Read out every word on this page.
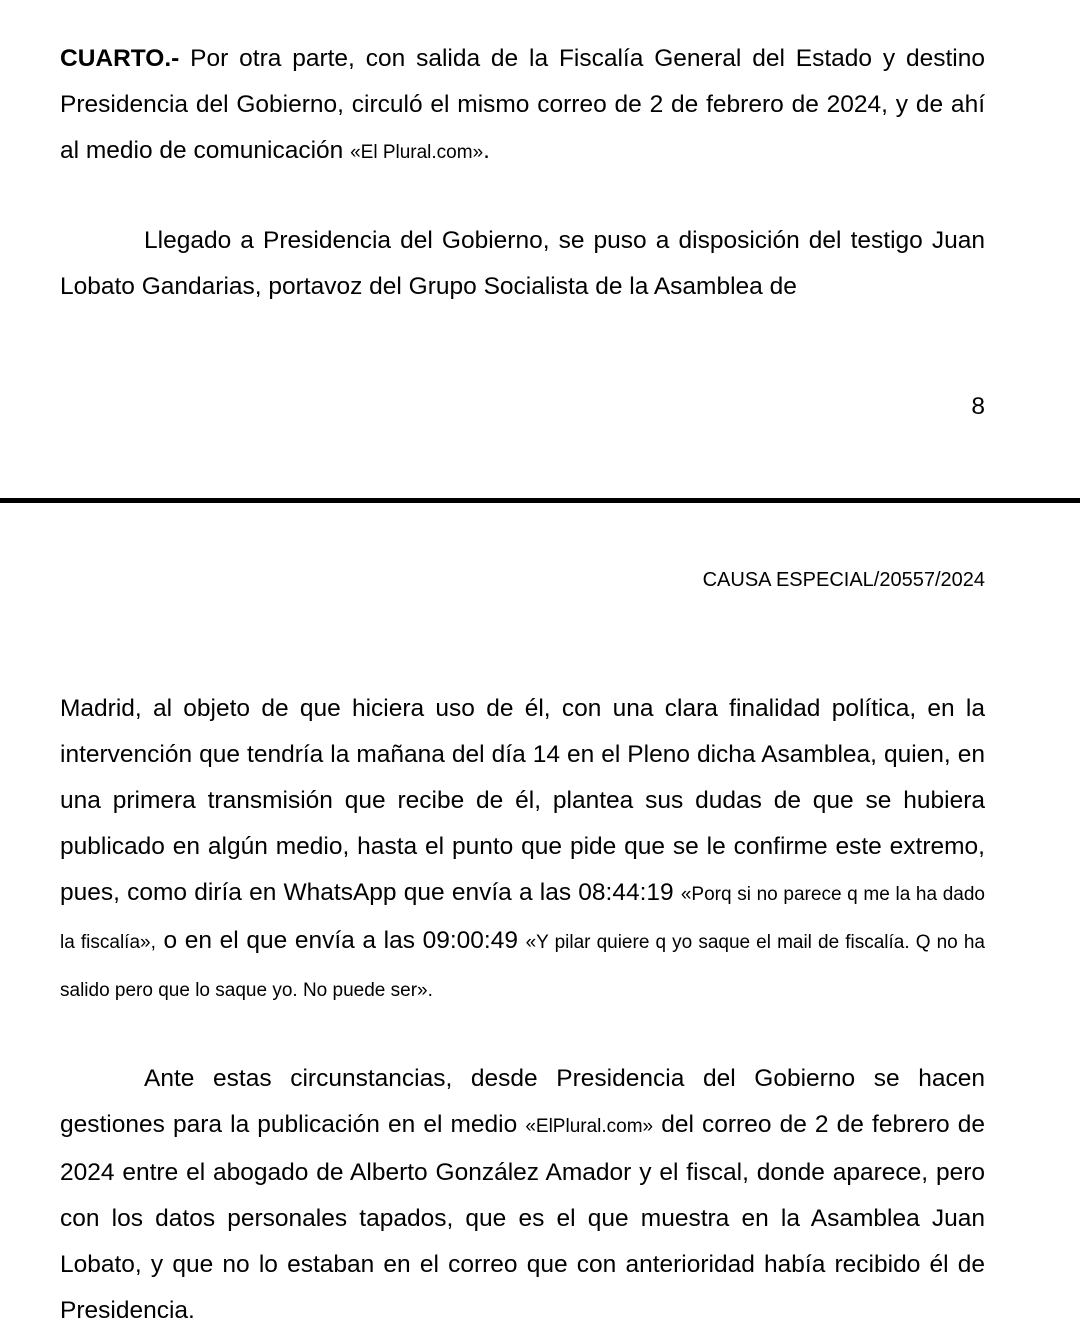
CUARTO.- Por otra parte, con salida de la Fiscalía General del Estado y destino Presidencia del Gobierno, circuló el mismo correo de 2 de febrero de 2024, y de ahí al medio de comunicación «El Plural.com».

Llegado a Presidencia del Gobierno, se puso a disposición del testigo Juan Lobato Gandarias, portavoz del Grupo Socialista de la Asamblea de

8
CAUSA ESPECIAL/20557/2024

Madrid, al objeto de que hiciera uso de él, con una clara finalidad política, en la intervención que tendría la mañana del día 14 en el Pleno dicha Asamblea, quien, en una primera transmisión que recibe de él, plantea sus dudas de que se hubiera publicado en algún medio, hasta el punto que pide que se le confirme este extremo, pues, como diría en WhatsApp que envía a las 08:44:19 «Porq si no parece q me la ha dado la fiscalía», o en el que envía a las 09:00:49 «Y pilar quiere q yo saque el mail de fiscalía. Q no ha salido pero que lo saque yo. No puede ser».

Ante estas circunstancias, desde Presidencia del Gobierno se hacen gestiones para la publicación en el medio «ElPlural.com» del correo de 2 de febrero de 2024 entre el abogado de Alberto González Amador y el fiscal, donde aparece, pero con los datos personales tapados, que es el que muestra en la Asamblea Juan Lobato, y que no lo estaban en el correo que con anterioridad había recibido él de Presidencia.
